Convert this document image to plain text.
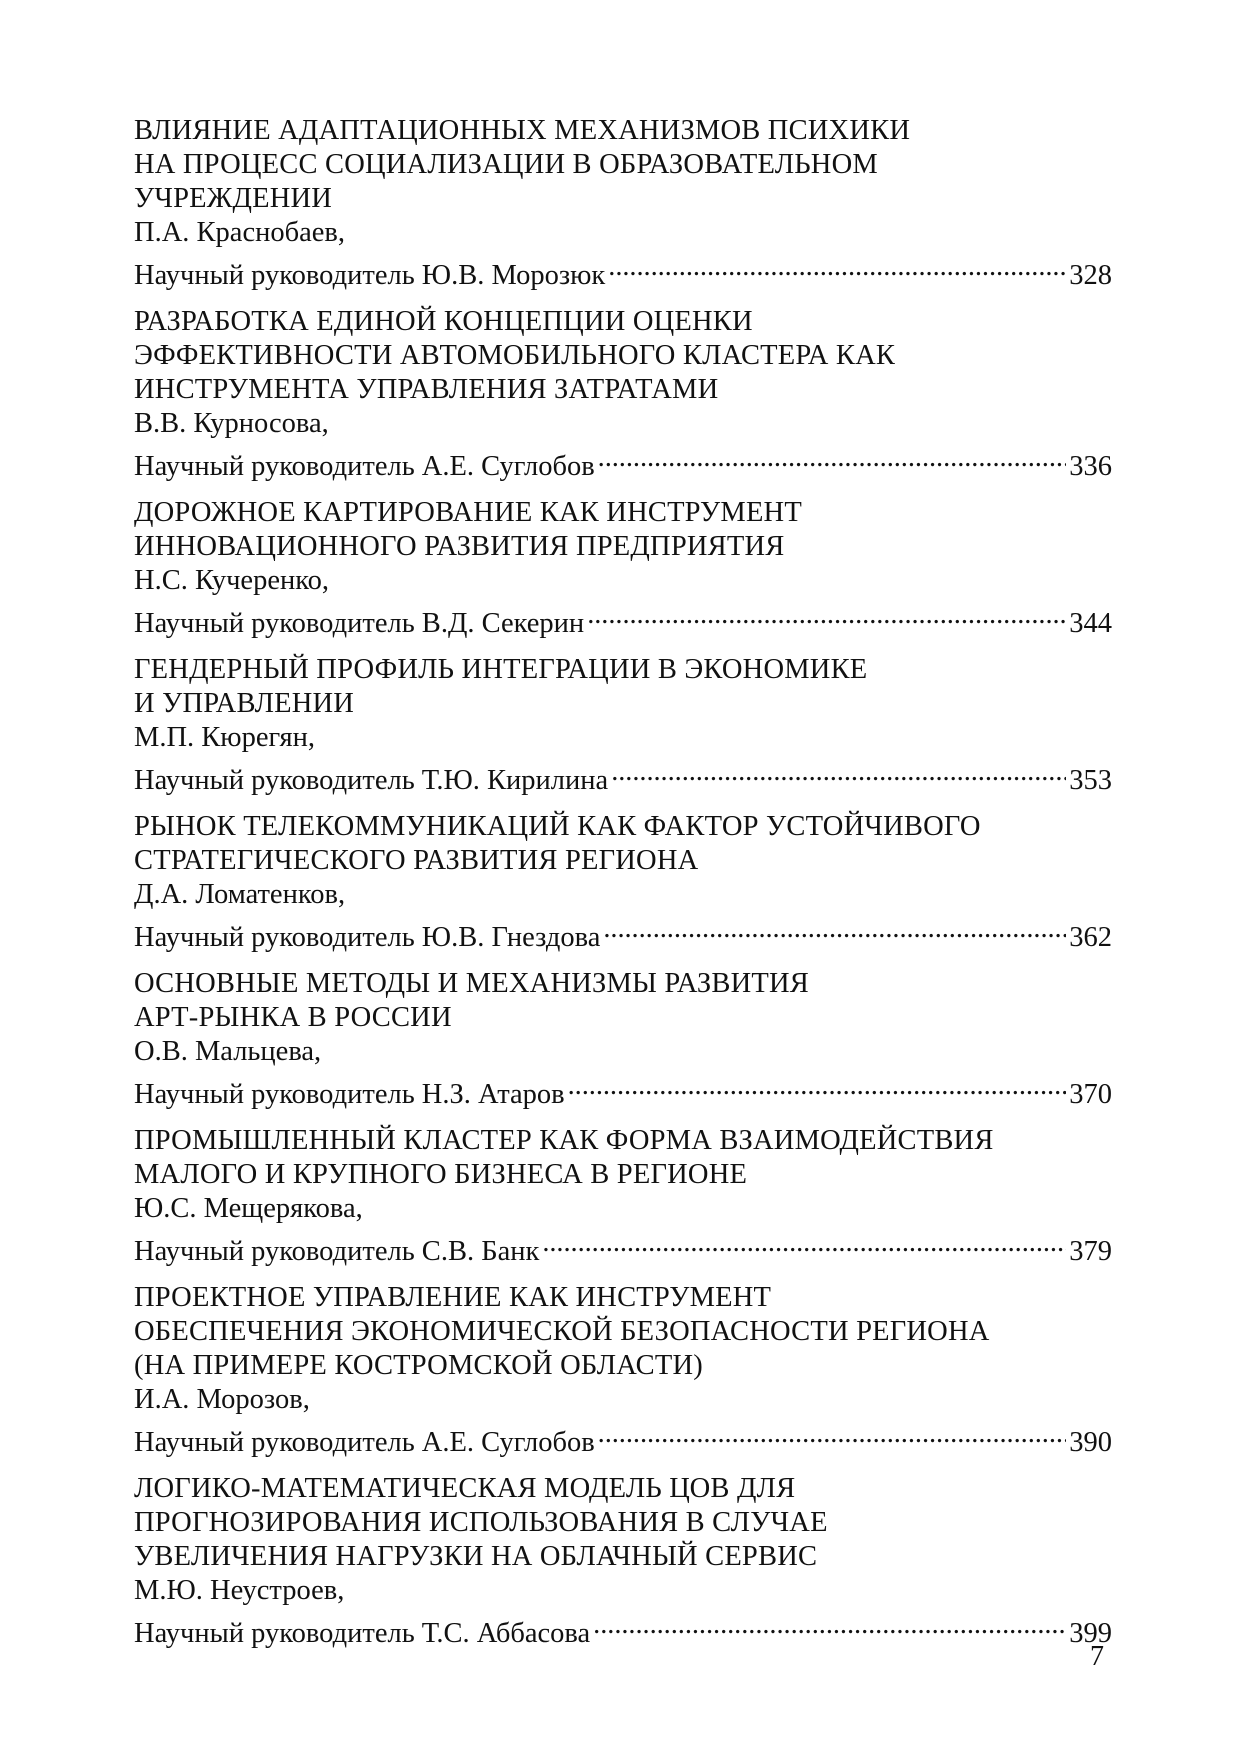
ВЛИЯНИЕ АДАПТАЦИОННЫХ МЕХАНИЗМОВ ПСИХИКИ
НА ПРОЦЕСС СОЦИАЛИЗАЦИИ В ОБРАЗОВАТЕЛЬНОМ
УЧРЕЖДЕНИИ
П.А. Краснобаев,
Научный руководитель Ю.В. Морозюк . . .	328
РАЗРАБОТКА ЕДИНОЙ КОНЦЕПЦИИ ОЦЕНКИ
ЭФФЕКТИВНОСТИ АВТОМОБИЛЬНОГО КЛАСТЕРА КАК
ИНСТРУМЕНТА УПРАВЛЕНИЯ ЗАТРАТАМИ
В.В. Курносова,
Научный руководитель А.Е. Суглобов . . .	336
ДОРОЖНОЕ КАРТИРОВАНИЕ КАК ИНСТРУМЕНТ
ИННОВАЦИОННОГО РАЗВИТИЯ ПРЕДПРИЯТИЯ
Н.С. Кучеренко,
Научный руководитель В.Д. Секерин . . .	344
ГЕНДЕРНЫЙ ПРОФИЛЬ ИНТЕГРАЦИИ В ЭКОНОМИКЕ
И УПРАВЛЕНИИ
М.П. Кюрегян,
Научный руководитель Т.Ю. Кирилина . . .	353
РЫНОК ТЕЛЕКОММУНИКАЦИЙ КАК ФАКТОР УСТОЙЧИВОГО
СТРАТЕГИЧЕСКОГО РАЗВИТИЯ РЕГИОНА
Д.А. Ломатенков,
Научный руководитель Ю.В. Гнездова . . .	362
ОСНОВНЫЕ МЕТОДЫ И МЕХАНИЗМЫ РАЗВИТИЯ
АРТ-РЫНКА В РОССИИ
О.В. Мальцева,
Научный руководитель Н.З. Атаров . . .	370
ПРОМЫШЛЕННЫЙ КЛАСТЕР КАК ФОРМА ВЗАИМОДЕЙСТВИЯ
МАЛОГО И КРУПНОГО БИЗНЕСА В РЕГИОНЕ
Ю.С. Мещерякова,
Научный руководитель С.В. Банк . . .	379
ПРОЕКТНОЕ УПРАВЛЕНИЕ КАК ИНСТРУМЕНТ
ОБЕСПЕЧЕНИЯ ЭКОНОМИЧЕСКОЙ БЕЗОПАСНОСТИ РЕГИОНА
(НА ПРИМЕРЕ КОСТРОМСКОЙ ОБЛАСТИ)
И.А. Морозов,
Научный руководитель А.Е. Суглобов . . .	390
ЛОГИКО-МАТЕМАТИЧЕСКАЯ МОДЕЛЬ ЦОВ ДЛЯ
ПРОГНОЗИРОВАНИЯ ИСПОЛЬЗОВАНИЯ В СЛУЧАЕ
УВЕЛИЧЕНИЯ НАГРУЗКИ НА ОБЛАЧНЫЙ СЕРВИС
М.Ю. Неустроев,
Научный руководитель Т.С. Аббасова . . .	399
7
